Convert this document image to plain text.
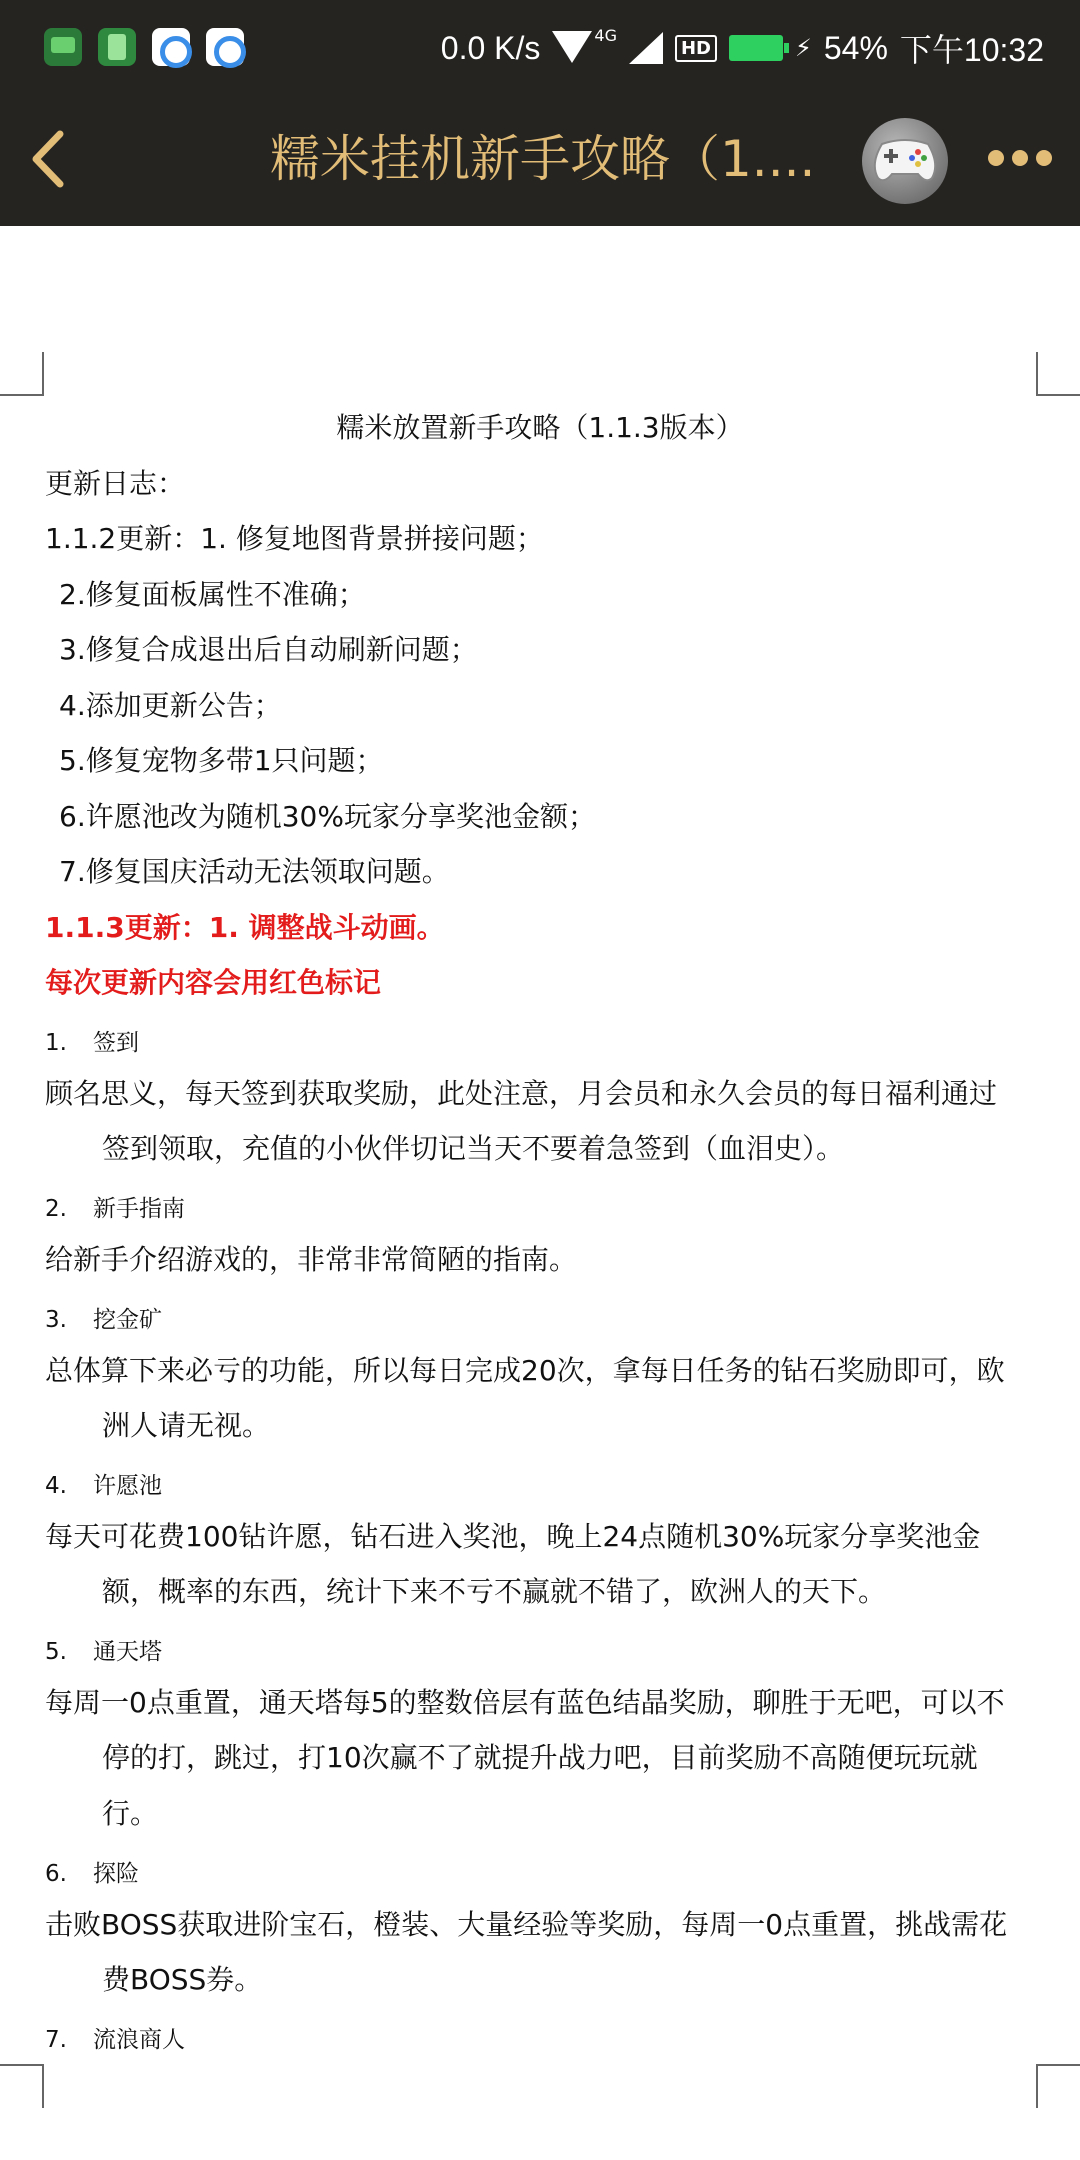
0.0 K/s	4G
HD	⚡ 54% 下午10:32
糯米挂机新手攻略（1....
糯米放置新手攻略（1.1.3版本）
更新日志：
1.1.2更新：1. 修复地图背景拼接问题；
2.修复面板属性不准确；
3.修复合成退出后自动刷新问题；
4.添加更新公告；
5.修复宠物多带1只问题；
6.许愿池改为随机30%玩家分享奖池金额；
7.修复国庆活动无法领取问题。
1.1.3更新：1. 调整战斗动画。
每次更新内容会用红色标记
1.	签到
顾名思义，每天签到获取奖励，此处注意，月会员和永久会员的每日福利通过
签到领取，充值的小伙伴切记当天不要着急签到（血泪史）。
2.	新手指南
给新手介绍游戏的，非常非常简陋的指南。
3.	挖金矿
总体算下来必亏的功能，所以每日完成20次，拿每日任务的钻石奖励即可，欧
洲人请无视。
4.	许愿池
每天可花费100钻许愿，钻石进入奖池，晚上24点随机30%玩家分享奖池金
额，概率的东西，统计下来不亏不赢就不错了，欧洲人的天下。
5.	通天塔
每周一0点重置，通天塔每5的整数倍层有蓝色结晶奖励，聊胜于无吧，可以不
停的打，跳过，打10次赢不了就提升战力吧，目前奖励不高随便玩玩就
行。
6.	探险
击败BOSS获取进阶宝石，橙装、大量经验等奖励，每周一0点重置，挑战需花
费BOSS券。
7.	流浪商人
